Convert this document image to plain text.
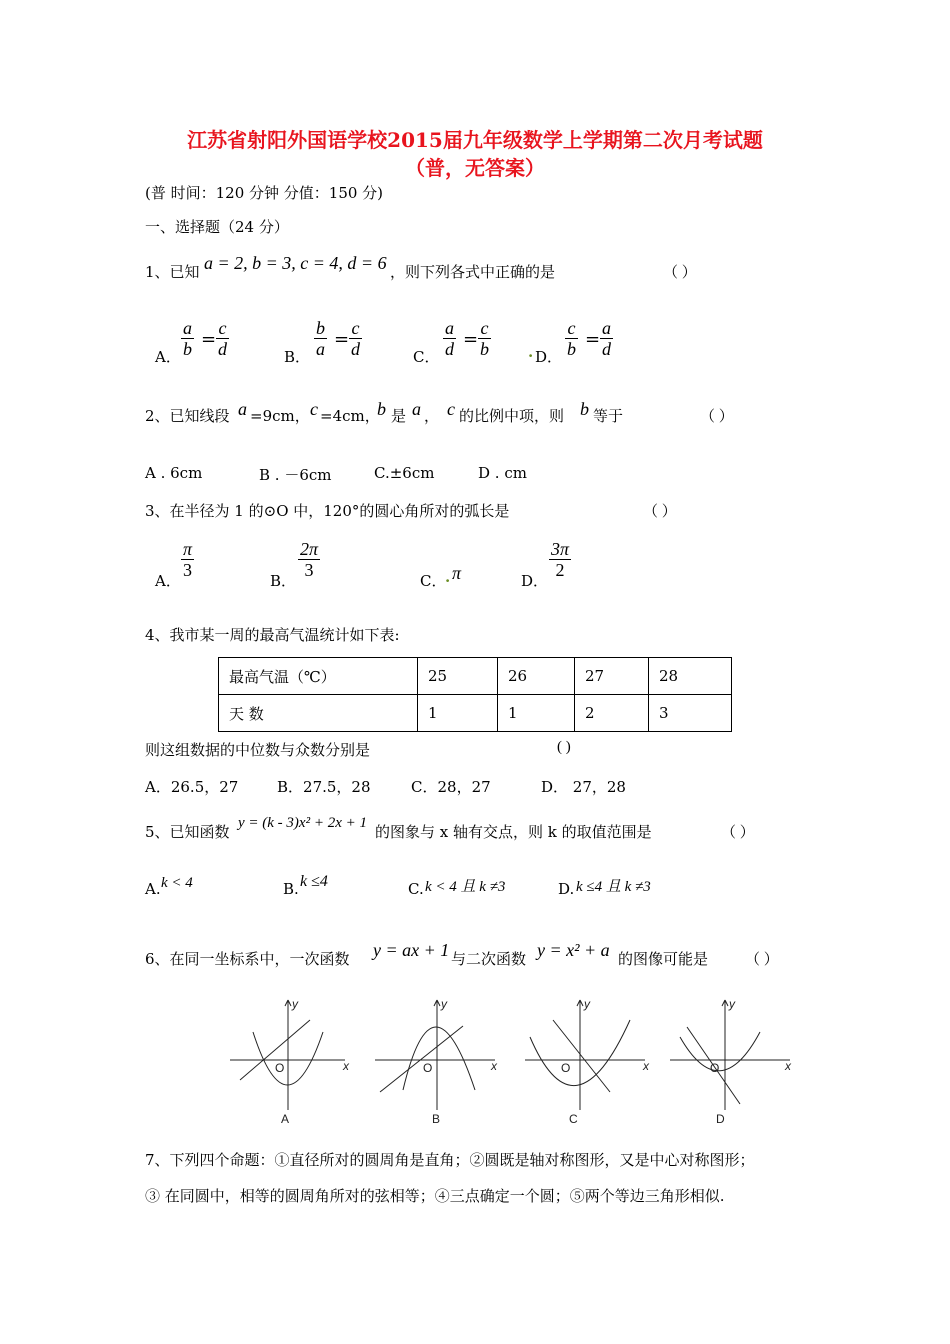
江苏省射阳外国语学校2015届九年级数学上学期第二次月考试题
（普，无答案）
(普 时间：120 分钟 分值：150 分)
一、选择题（24 分）
1、已知 a = 2, b = 3, c = 4, d = 6 ，则下列各式中正确的是	（ ）
A． $\frac{a}{b} = \frac{c}{d}$	B． $\frac{b}{a} = \frac{c}{d}$	C． $\frac{a}{d} = \frac{c}{b}$ . D． $\frac{c}{b} = \frac{a}{d}$
2、已知线段 a =9cm， c =4cm，
b 是 a ， c 的比例中项，则 b 等于	（ ）
A . 6cm	B . －6cm	C.±6cm	D . cm
3、在半径为 1 的⊙O 中，120°的圆心角所对的弧长是	（ ）
A．
$\frac{\pi}{3}$
B．
$\frac{2\pi}{3}$
C．
. π	D．
$\frac{3\pi}{2}$
4、我市某一周的最高气温统计如下表:
最高气温（℃）	25	26	27	28
天 数	1	1	2	3
则这组数据的中位数与众数分别是	( )
A．26.5，27	B．27.5，28	C．28，27	D． 27，28
5、已知函数 y = (k - 3)x² + 2x + 1 的图象与 x 轴有交点，则 k 的取值范围是	（ ）
A. k < 4	B. k ≤4	C. k < 4 且 k ≠3	D. k ≤4 且 k ≠3
6、在同一坐标系中，一次函数 y = ax + 1 与二次函数 y = x² + a 的图像可能是 （ ）
y
x
O
A
y
x
O
B
y
x
O
C
y
x
O
D
7、下列四个命题：①直径所对的圆周角是直角；②圆既是轴对称图形，又是中心对称图形；
③ 在同圆中，相等的圆周角所对的弦相等；④三点确定一个圆；⑤两个等边三角形相似.
